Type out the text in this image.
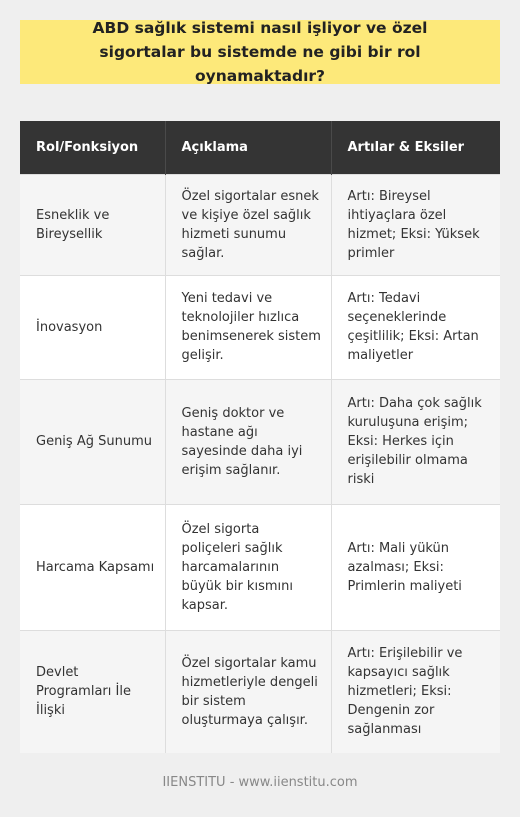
ABD sağlık sistemi nasıl işliyor ve özel sigortalar bu sistemde ne gibi bir rol oynamaktadır?
Rol/Fonksiyon	Açıklama	Artılar & Eksiler
Esneklik ve Bireysellik	Özel sigortalar esnek ve kişiye özel sağlık hizmeti sunumu sağlar.	Artı: Bireysel ihtiyaçlara özel hizmet; Eksi: Yüksek primler
İnovasyon	Yeni tedavi ve teknolojiler hızlıca benimsenerek sistem gelişir.	Artı: Tedavi seçeneklerinde çeşitlilik; Eksi: Artan maliyetler
Geniş Ağ Sunumu	Geniş doktor ve hastane ağı sayesinde daha iyi erişim sağlanır.	Artı: Daha çok sağlık kuruluşuna erişim; Eksi: Herkes için erişilebilir olmama riski
Harcama Kapsamı	Özel sigorta poliçeleri sağlık harcamalarının büyük bir kısmını kapsar.	Artı: Mali yükün azalması; Eksi: Primlerin maliyeti
Devlet Programları İle İlişki	Özel sigortalar kamu hizmetleriyle dengeli bir sistem oluşturmaya çalışır.	Artı: Erişilebilir ve kapsayıcı sağlık hizmetleri; Eksi: Dengenin zor sağlanması
IIENSTITU - www.iienstitu.com
